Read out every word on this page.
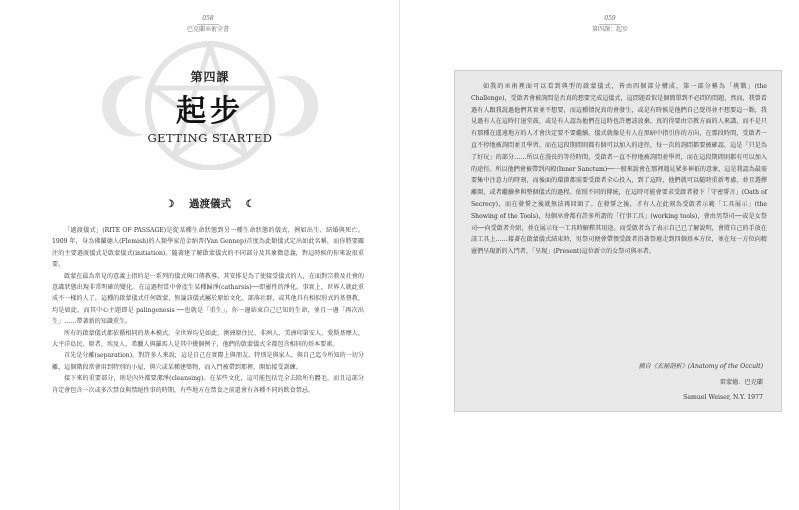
058
巴克蘭巫術全書
第四課
起步
GETTING STARTED
☽ 過渡儀式 ☾

「過渡儀式」(RITE OF PASSAGE)是從某種生命狀態到另一種生命狀態的儀式，例如出生、結婚與死亡。1909 年，身為佛蘭德人(Flemish)的人類學家范金納普(Van Gennep)首度為此類儀式定出如此名稱，而你將要關注的主要過渡儀式是啟蒙儀式(initiation)。隨著建了解啟蒙儀式的不同部分及其象徵意義，對這時候的你來說很重要。

啟蒙在最為常見的意義上指的是一系列的儀式與口傳教導，其安排是為了使接受儀式的人，在面對宗教及社會的意識狀態出現非常明確的變化。在這過程當中會產生某種歸淨(catharsis)──即靈性的淨化。事實上，世界人就此重成不一樣的人了，這種的啟蒙儀式任何啟蒙，無論該儀式屬於原始文化、部落社群，或其他具有相似形式的基督教，均是如此，而其中心主題即是 palingenesis ──也就是「重生」，你一邊結束自己已知的生命，並且一邊「再次出生」……帶著新的知識重生。

所有的啟蒙儀式都依循相同的基本模式，全世界均是如此，澳洲原住民、非洲人、美洲印第安人、愛斯基摩人、大平洋島民、原者、埃及人、希臘人與羅馬人是其中幾個例子，他們的啟蒙儀式全都包含相同的基本要素。

首先是分離(separation)。對許多人來說，這是自己在實際上與朋友、特別是與家人、與自己迄今所知的一切分離，這個階段常會用到特別的小屋，與穴或某種建築物，而入門被帶到那裡，開始接受訓練。

接下來的重要部分，則是內外都要潔淨(cleansing)。在某些文化，這可能包括完全去除所有體毛，而且這部分肯定會包含一次或多次禁食與禁絕性事的時期，有些地方在禁食之前還會有各種不同的飲食禁忌。

059
第四課：起步
如我的巫術裡面可以看到典型的啟蒙儀式，皆由四個部分構成，第一部分稱為「挑戰」(the Challenge)，受啟者會被詢問是否真的想要完成這儀式，這問題看似是個簡單到不必問的問題，然而，我曾看過有人跟我說過他們其實並不想要，而這種情況真的會發生，或是有時候是他們自己覺得並不想要這一點，我見過有人在這時打退堂鼓，或是有人認為他們在這時也許應該放棄，真的得要由宗教方面的人來講，而不是只有那種在遙遠地方的人才會決定要不要繼續。儀式就像是有人在黑暗中指引你的方向，在那段時間，受啟者一直不停地被詢問並且學習，而在這段期間則都有個可以加入的途徑，每一次的詢問都要被確認，這是「只是為了好玩」的部分……所以在漫長的等待時間，受啟者一直不停地被詢問並學習，而在這段期間則都有可以加入的途徑。所以他們會被帶到內殿(Inner Sanctum)──一般來說會在那裡遇見眾多神祇的意象，這是我認為最需要集中注意力的時刻，而後面的環節都需要受啟者全心投入，到了這時，他們就可以隨時重新考慮，並且選擇離開，或者繼續參與整個儀式的過程。依照不同的傳統，在這時可能會要求受啟者發下「守密誓言」(Oath of Secrecy)，而在發誓之後就無法再回頭了。在發誓之後，才有人在此刻為受啟者示範「工具展示」(the Showing of the Tools)，每個巫會都有許多所謂的「行事工具」(working tools)，會由男祭司──或是女祭司──向受啟者介紹，並在展示每一工具時解釋其用途。而受啟者為了表示自己已了解說明，會將自己的手放在該工具上……接著在啟蒙儀式結束時，男祭司便會帶領受啟者沿著祭壇走到四個基本方位，並在每一方位向精靈們呈現新的入門者，「呈現」(Present)這位新立的女祭司與巫者。
摘自《玄秘剖析》(Anatomy of the Occult)
雷蒙德．巴克蘭
Samuel Weiser, N.Y. 1977
